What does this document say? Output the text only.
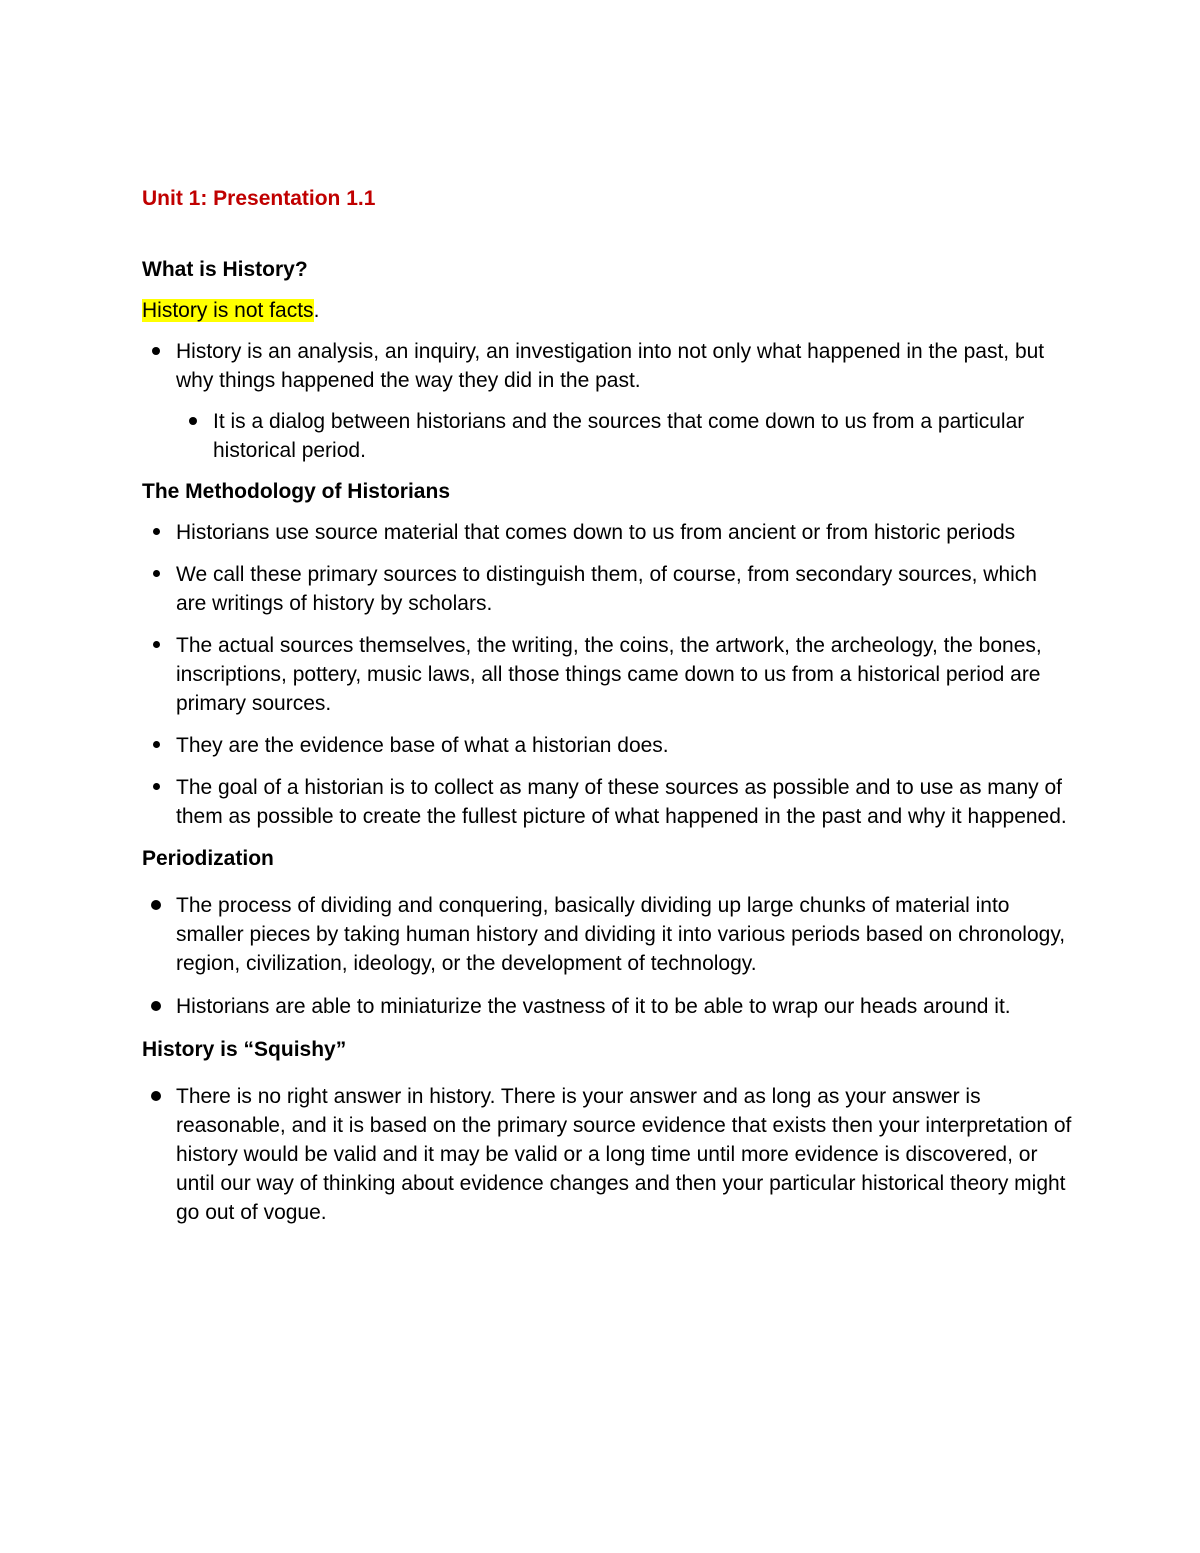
Unit 1: Presentation 1.1
What is History?
History is not facts.
History is an analysis, an inquiry, an investigation into not only what happened in the past, but why things happened the way they did in the past.
It is a dialog between historians and the sources that come down to us from a particular historical period.
The Methodology of Historians
Historians use source material that comes down to us from ancient or from historic periods
We call these primary sources to distinguish them, of course, from secondary sources, which are writings of history by scholars.
The actual sources themselves, the writing, the coins, the artwork, the archeology, the bones, inscriptions, pottery, music laws, all those things came down to us from a historical period are primary sources.
They are the evidence base of what a historian does.
The goal of a historian is to collect as many of these sources as possible and to use as many of them as possible to create the fullest picture of what happened in the past and why it happened.
Periodization
The process of dividing and conquering, basically dividing up large chunks of material into smaller pieces by taking human history and dividing it into various periods based on chronology, region, civilization, ideology, or the development of technology.
Historians are able to miniaturize the vastness of it to be able to wrap our heads around it.
History is “Squishy”
There is no right answer in history. There is your answer and as long as your answer is reasonable, and it is based on the primary source evidence that exists then your interpretation of history would be valid and it may be valid or a long time until more evidence is discovered, or until our way of thinking about evidence changes and then your particular historical theory might go out of vogue.
